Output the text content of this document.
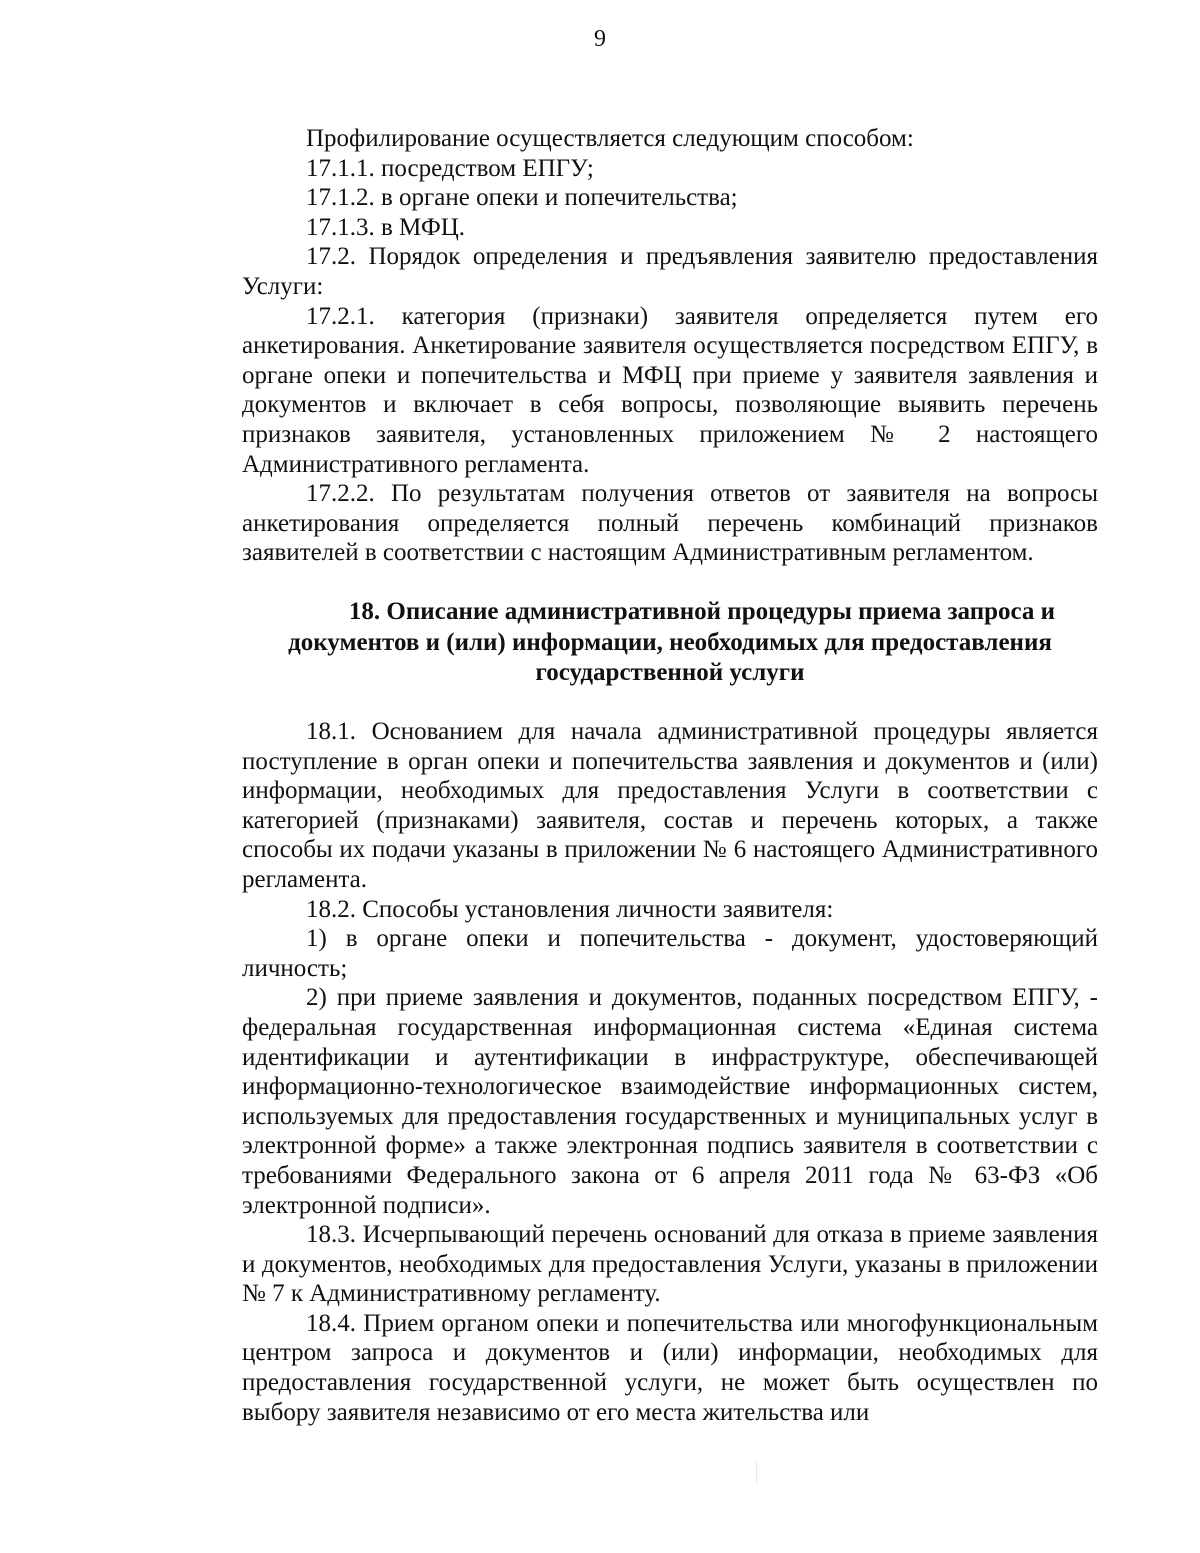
9

Профилирование осуществляется следующим способом:

17.1.1. посредством ЕПГУ;

17.1.2. в органе опеки и попечительства;

17.1.3. в МФЦ.

17.2. Порядок определения и предъявления заявителю предоставления Услуги:

17.2.1. категория (признаки) заявителя определяется путем его анкетирования. Анкетирование заявителя осуществляется посредством ЕПГУ, в органе опеки и попечительства и МФЦ при приеме у заявителя заявления и документов и включает в себя вопросы, позволяющие выявить перечень признаков заявителя, установленных приложением № 2 настоящего Административного регламента.

17.2.2. По результатам получения ответов от заявителя на вопросы анкетирования определяется полный перечень комбинаций признаков заявителей в соответствии с настоящим Административным регламентом.

18. Описание административной процедуры приема запроса и
документов и (или) информации, необходимых для предоставления
государственной услуги

18.1. Основанием для начала административной процедуры является поступление в орган опеки и попечительства заявления и документов и (или) информации, необходимых для предоставления Услуги в соответствии с категорией (признаками) заявителя, состав и перечень которых, а также способы их подачи указаны в приложении № 6 настоящего Административного регламента.

18.2. Способы установления личности заявителя:

1) в органе опеки и попечительства - документ, удостоверяющий личность;

2) при приеме заявления и документов, поданных посредством ЕПГУ, - федеральная государственная информационная система «Единая система идентификации и аутентификации в инфраструктуре, обеспечивающей информационно-технологическое взаимодействие информационных систем, используемых для предоставления государственных и муниципальных услуг в электронной форме» а также электронная подпись заявителя в соответствии с требованиями Федерального закона от 6 апреля 2011 года № 63-ФЗ «Об электронной подписи».

18.3. Исчерпывающий перечень оснований для отказа в приеме заявления и документов, необходимых для предоставления Услуги, указаны в приложении № 7 к Административному регламенту.

18.4. Прием органом опеки и попечительства или многофункциональным центром запроса и документов и (или) информации, необходимых для предоставления государственной услуги, не может быть осуществлен по выбору заявителя независимо от его места жительства или
